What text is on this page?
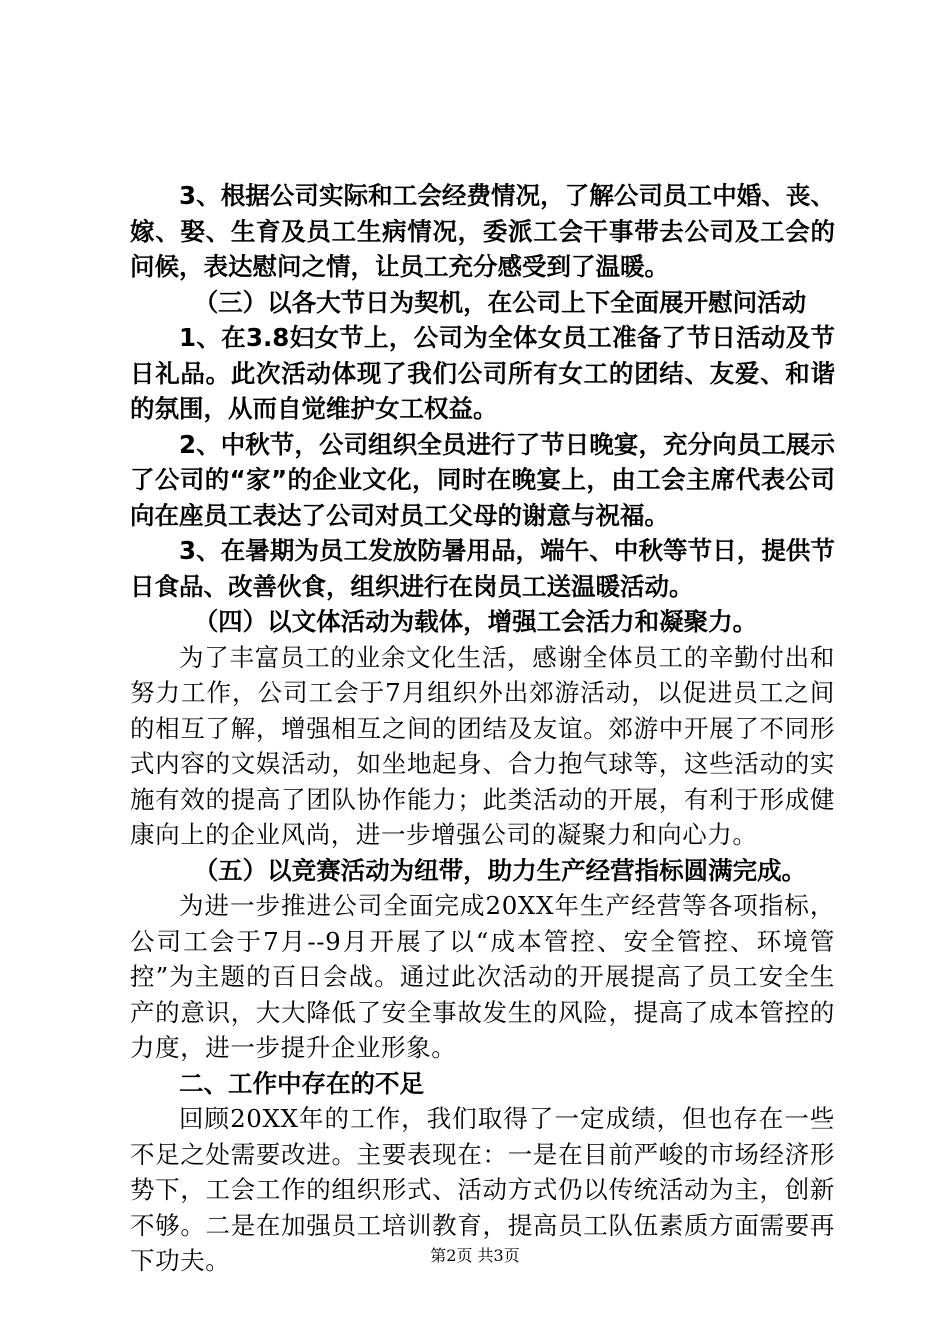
3、根据公司实际和工会经费情况，了解公司员工中婚、丧、嫁、娶、生育及员工生病情况，委派工会干事带去公司及工会的问候，表达慰问之情，让员工充分感受到了温暖。

（三）以各大节日为契机，在公司上下全面展开慰问活动

1、在3.8妇女节上，公司为全体女员工准备了节日活动及节日礼品。此次活动体现了我们公司所有女工的团结、友爱、和谐的氛围，从而自觉维护女工权益。

2、中秋节，公司组织全员进行了节日晚宴，充分向员工展示了公司的“家”的企业文化，同时在晚宴上，由工会主席代表公司向在座员工表达了公司对员工父母的谢意与祝福。

3、在暑期为员工发放防暑用品，端午、中秋等节日，提供节日食品、改善伙食，组织进行在岗员工送温暖活动。

（四）以文体活动为载体，增强工会活力和凝聚力。

为了丰富员工的业余文化生活，感谢全体员工的辛勤付出和努力工作，公司工会于7月组织外出郊游活动，以促进员工之间的相互了解，增强相互之间的团结及友谊。郊游中开展了不同形式内容的文娱活动，如坐地起身、合力抱气球等，这些活动的实施有效的提高了团队协作能力；此类活动的开展，有利于形成健康向上的企业风尚，进一步增强公司的凝聚力和向心力。

（五）以竞赛活动为纽带，助力生产经营指标圆满完成。

为进一步推进公司全面完成20XX年生产经营等各项指标，公司工会于7月--9月开展了以“成本管控、安全管控、环境管控”为主题的百日会战。通过此次活动的开展提高了员工安全生产的意识，大大降低了安全事故发生的风险，提高了成本管控的力度，进一步提升企业形象。

二、工作中存在的不足

回顾20XX年的工作，我们取得了一定成绩，但也存在一些不足之处需要改进。主要表现在：一是在目前严峻的市场经济形势下，工会工作的组织形式、活动方式仍以传统活动为主，创新不够。二是在加强员工培训教育，提高员工队伍素质方面需要再下功夫。	第2页 共3页
